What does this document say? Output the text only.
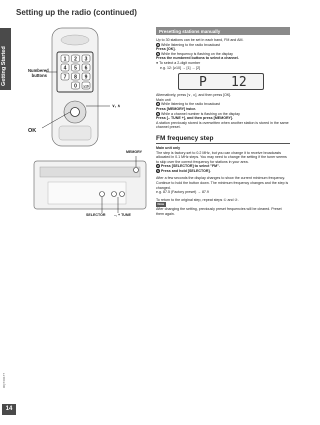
Getting Started
Setting up the radio (continued)
RQTX0177
14
1 2 3
4 5 6
7 8 9
0 ≥10
Numbered buttons
OK
∨, ∧
MEMORY
SELECTOR –, + TUNE
Presetting stations manually

Up to 30 stations can be set in each band, FM and AM.

1 While listening to the radio broadcast

Press [OK].

2 While the frequency is flashing on the display

Press the numbered buttons to select a channel.

● To select a 2-digit number

e.g. 12: [≥10] → [1] → [2]

P 12

Alternatively, press [∨, ∧], and then press [OK].

Main unit

1 While listening to the radio broadcast

Press [MEMORY] twice.

2 While a channel number is flashing on the display

Press [– TUNE +], and then press [MEMORY].

A station previously stored is overwritten when another station is stored in the same channel preset.

FM frequency step

Main unit only

The step is factory-set to 0.2 MHz, but you can change it to receive broadcasts allocated in 0.1 MHz steps. You may need to change the setting if the tuner seems to skip over the correct frequency for stations in your area.

1 Press [SELECTOR] to select "FM".

2 Press and hold [SELECTOR].

After a few seconds the display changes to show the current minimum frequency. Continue to hold the button down. The minimum frequency changes and the step is changed.

e.g. 87.5 (Factory preset) → 87.9

To return to the original step, repeat steps ① and ②.

Note

After changing the setting, previously preset frequencies will be cleared. Preset them again.
